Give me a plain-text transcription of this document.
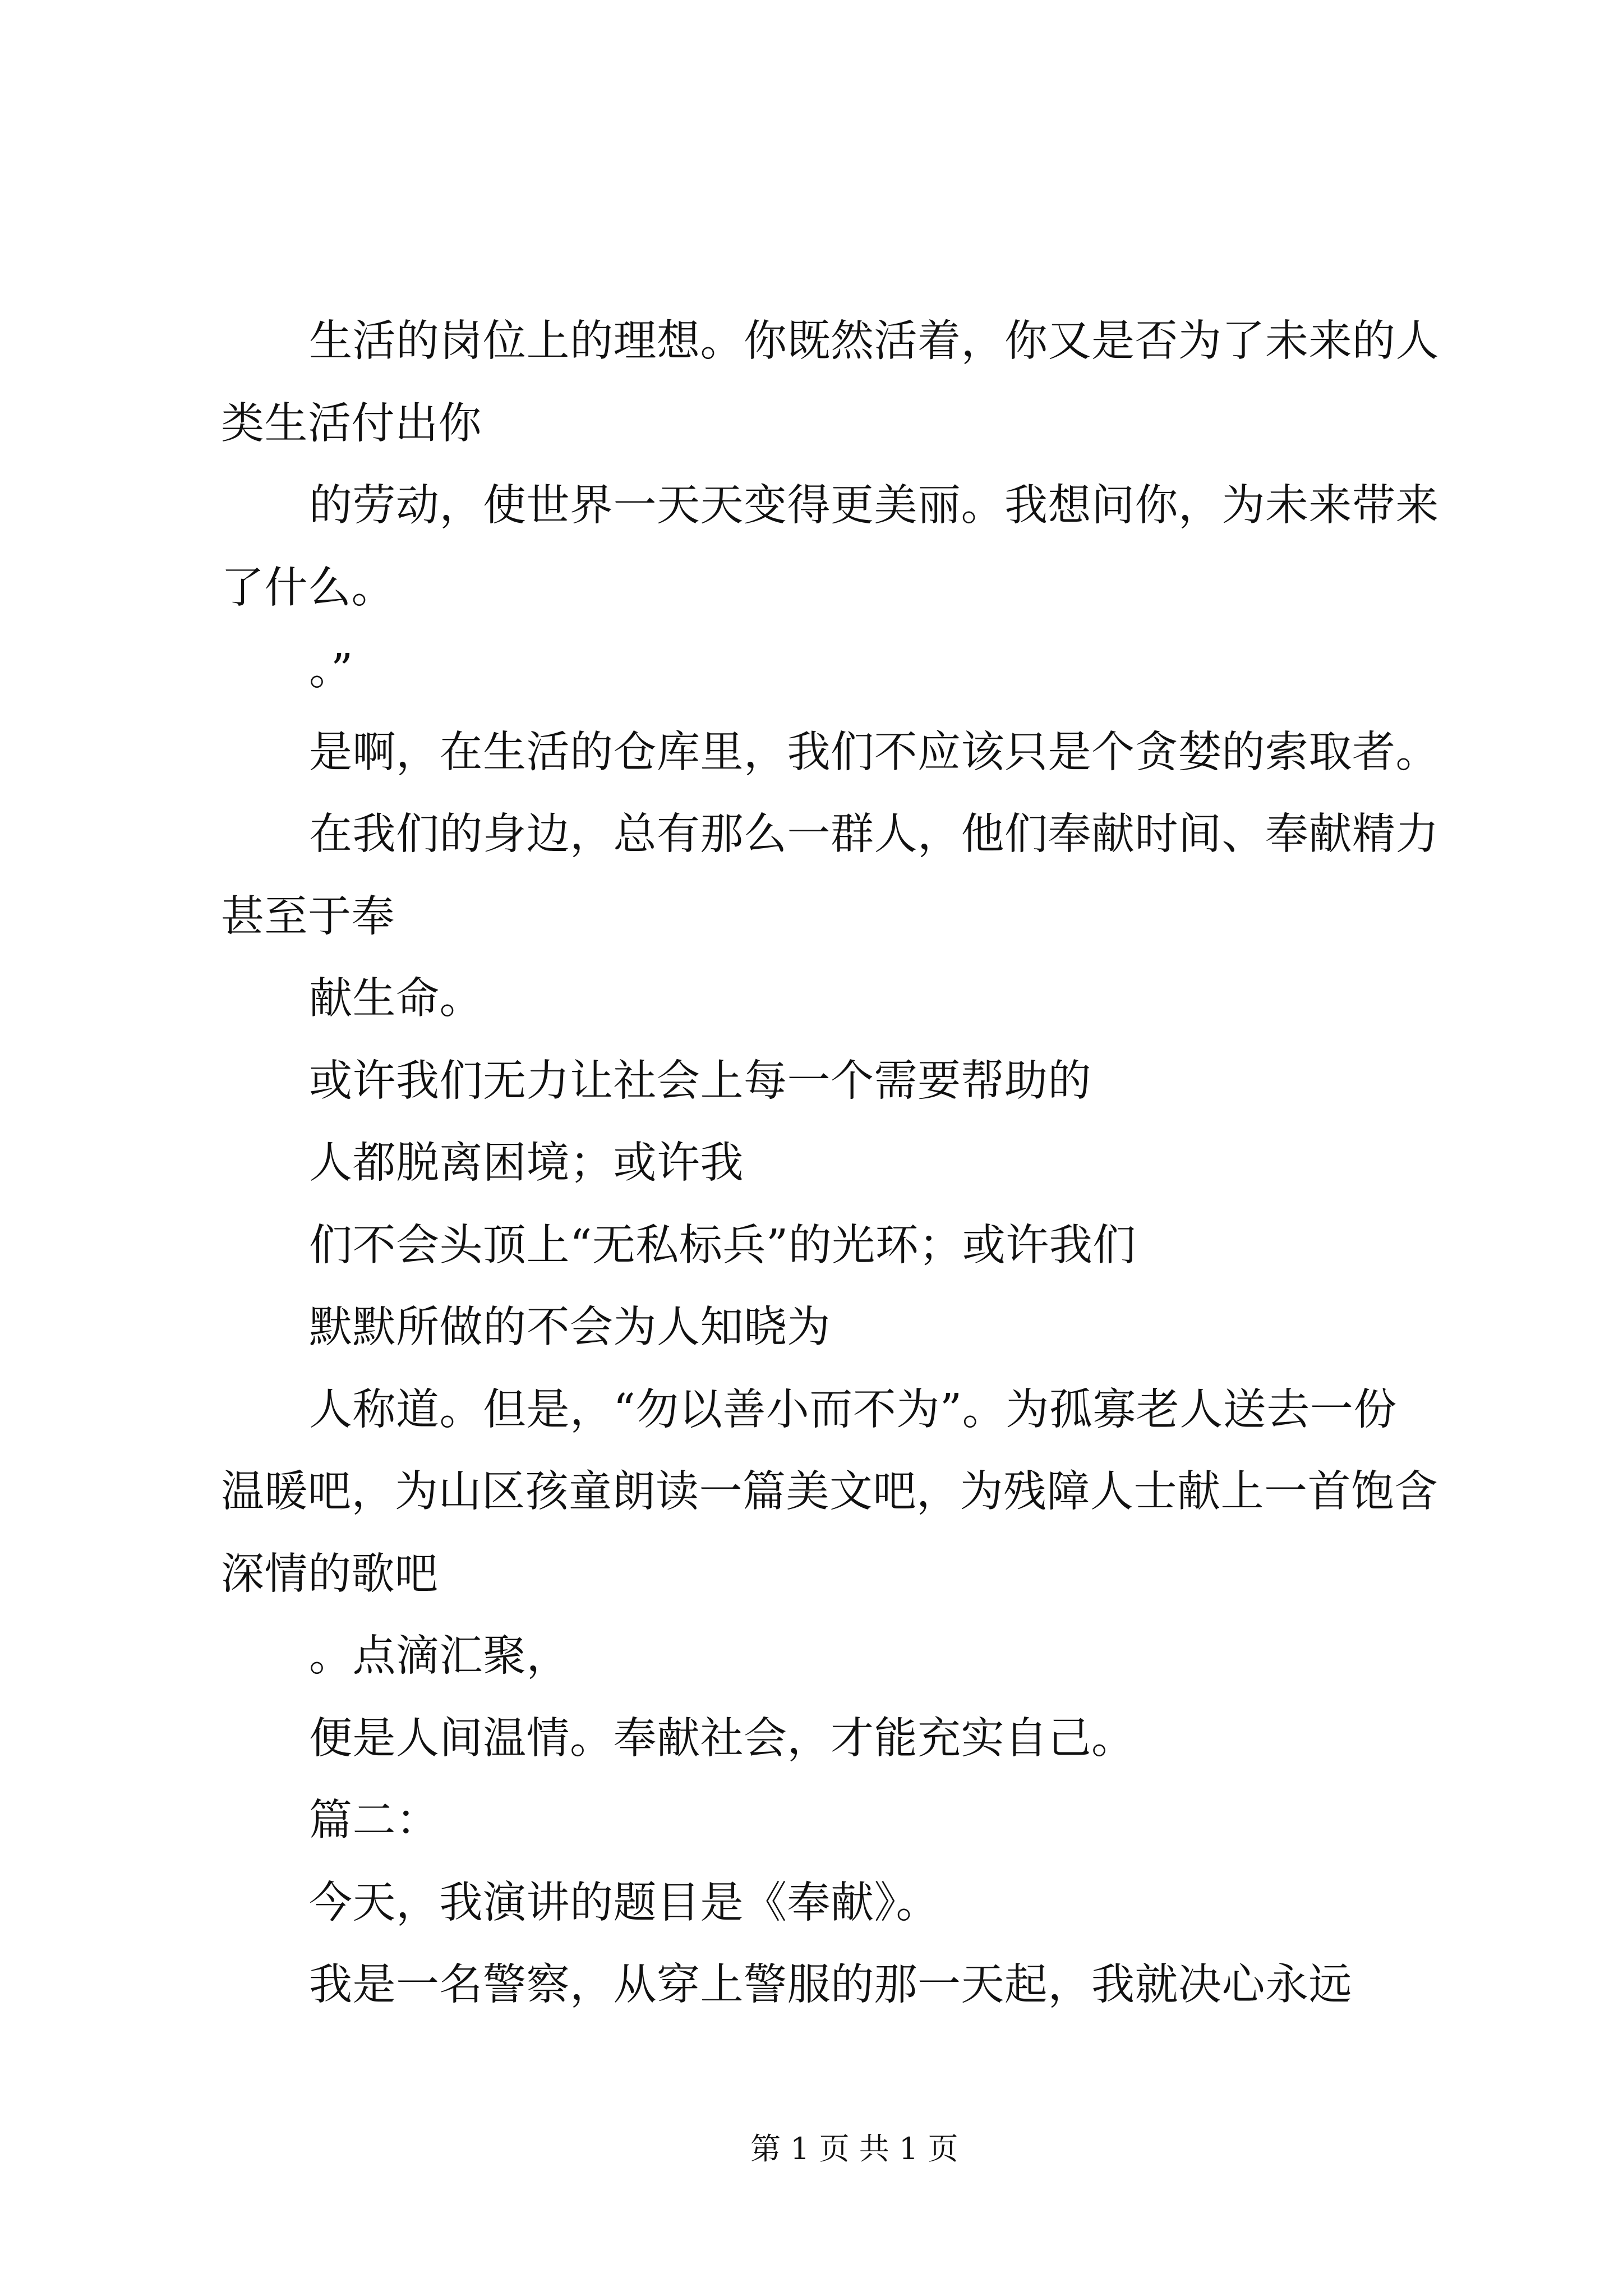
生活的岗位上的理想。你既然活着，你又是否为了未来的人
类生活付出你
的劳动，使世界一天天变得更美丽。我想问你，为未来带来
了什么。
。”
是啊，在生活的仓库里，我们不应该只是个贪婪的索取者。
在我们的身边，总有那么一群人，他们奉献时间、奉献精力
甚至于奉
献生命。
或许我们无力让社会上每一个需要帮助的
人都脱离困境；或许我
们不会头顶上“无私标兵”的光环；或许我们
默默所做的不会为人知晓为
人称道。但是，“勿以善小而不为”。为孤寡老人送去一份
温暖吧，为山区孩童朗读一篇美文吧，为残障人士献上一首饱含
深情的歌吧
。点滴汇聚，
便是人间温情。奉献社会，才能充实自己。
篇二：
今天，我演讲的题目是《奉献》。
我是一名警察，从穿上警服的那一天起，我就决心永远
第 1 页 共 1 页
